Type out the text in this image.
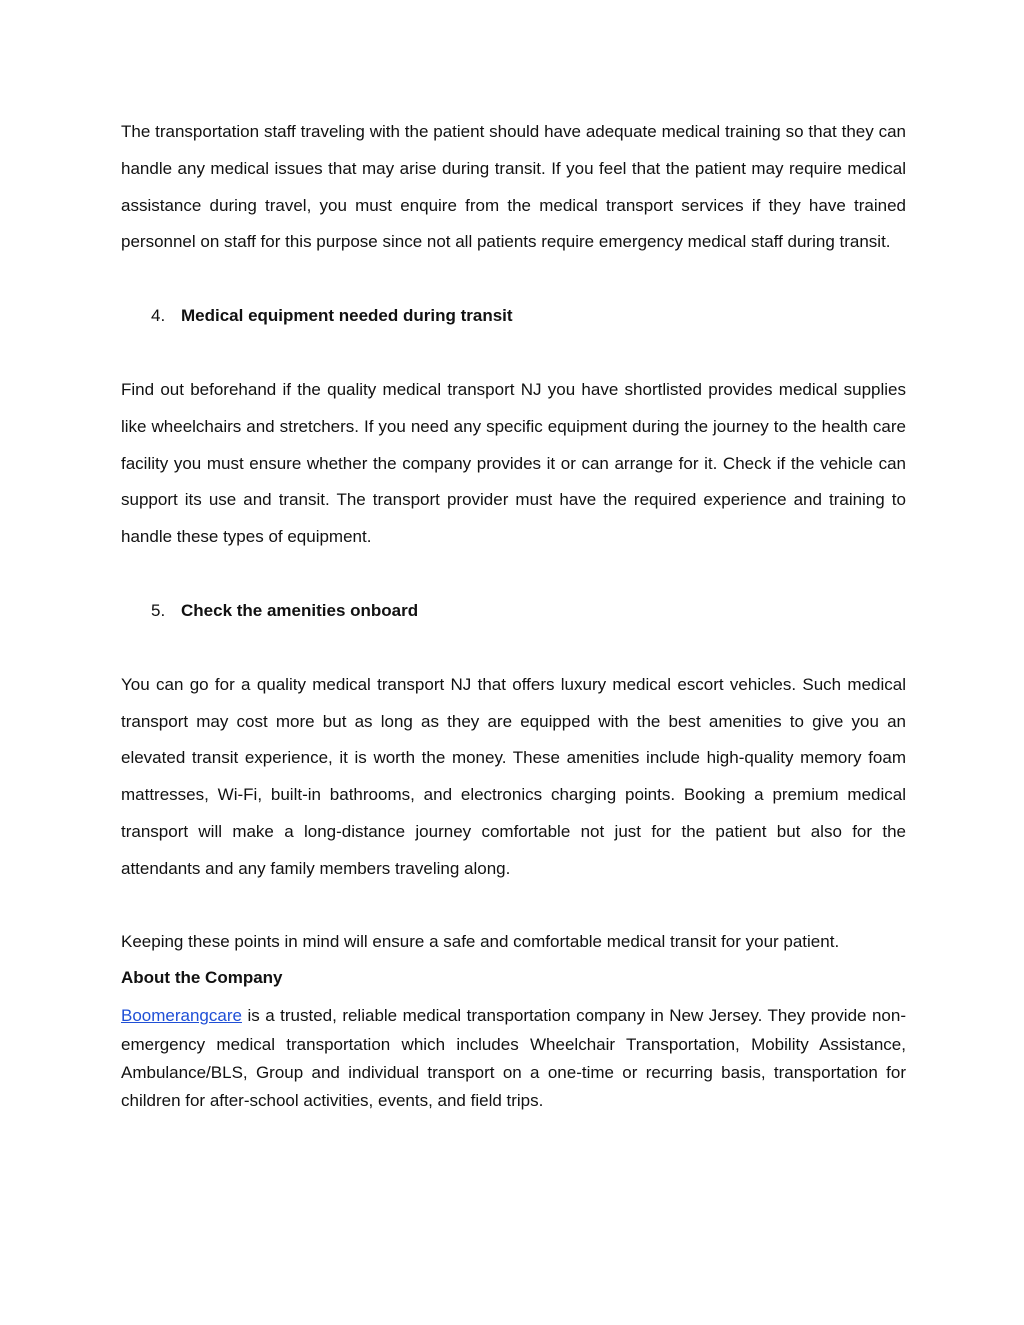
The transportation staff traveling with the patient should have adequate medical training so that they can handle any medical issues that may arise during transit. If you feel that the patient may require medical assistance during travel, you must enquire from the medical transport services if they have trained personnel on staff for this purpose since not all patients require emergency medical staff during transit.

4. Medical equipment needed during transit

Find out beforehand if the quality medical transport NJ you have shortlisted provides medical supplies like wheelchairs and stretchers. If you need any specific equipment during the journey to the health care facility you must ensure whether the company provides it or can arrange for it. Check if the vehicle can support its use and transit. The transport provider must have the required experience and training to handle these types of equipment.

5. Check the amenities onboard

You can go for a quality medical transport NJ that offers luxury medical escort vehicles. Such medical transport may cost more but as long as they are equipped with the best amenities to give you an elevated transit experience, it is worth the money. These amenities include high-quality memory foam mattresses, Wi-Fi, built-in bathrooms, and electronics charging points. Booking a premium medical transport will make a long-distance journey comfortable not just for the patient but also for the attendants and any family members traveling along.

Keeping these points in mind will ensure a safe and comfortable medical transit for your patient.

About the Company

Boomerangcare is a trusted, reliable medical transportation company in New Jersey. They provide non-emergency medical transportation which includes Wheelchair Transportation, Mobility Assistance, Ambulance/BLS, Group and individual transport on a one-time or recurring basis, transportation for children for after-school activities, events, and field trips.
